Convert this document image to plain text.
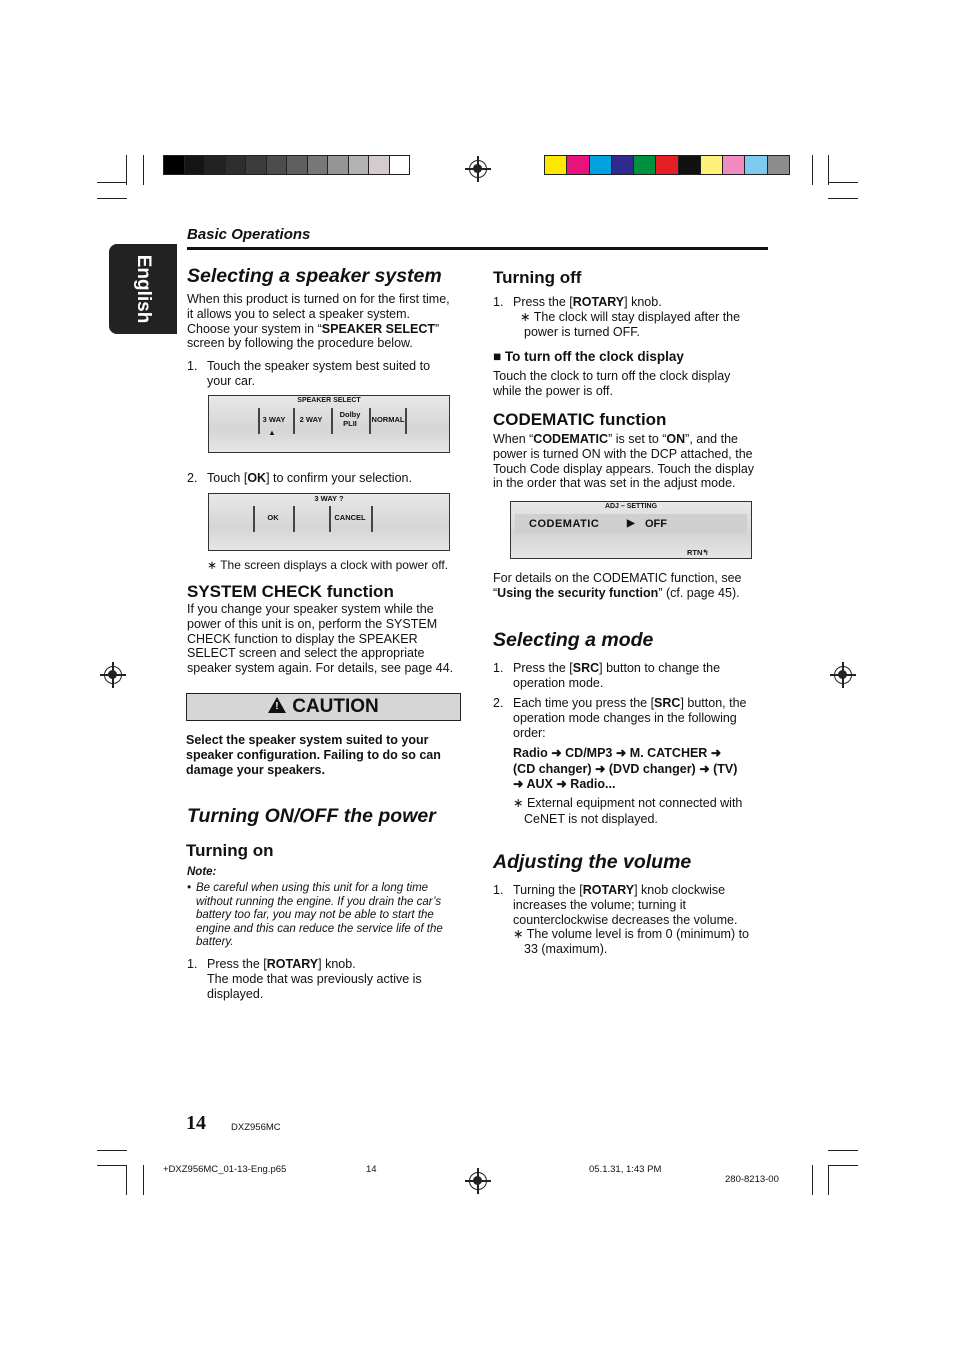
English
Basic Operations
Selecting a speaker system
When this product is turned on for the first time,
it allows you to select a speaker system.
Choose your system in “SPEAKER SELECT”
screen by following the procedure below.
1. Touch the speaker system best suited to
your car.
SPEAKER SELECT
3 WAY	2 WAY
Dolby
PLII	NORMAL
▲
2. Touch [OK] to confirm your selection.
3 WAY ?
OK	CANCEL
∗ The screen displays a clock with power off.
SYSTEM CHECK function
If you change your speaker system while the
power of this unit is on, perform the SYSTEM
CHECK function to display the SPEAKER
SELECT screen and select the appropriate
speaker system again. For details, see page 44.
! CAUTION
Select the speaker system suited to your
speaker configuration. Failing to do so can
damage your speakers.
Turning ON/OFF the power
Turning on
Note:
• Be careful when using this unit for a long time
without running the engine. If you drain the car’s
battery too far, you may not be able to start the
engine and this can reduce the service life of the
battery.
1. Press the [ROTARY] knob.
The mode that was previously active is
displayed.
Turning off
1. Press the [ROTARY] knob.
∗ The clock will stay displayed after the
power is turned OFF.
■ To turn off the clock display
Touch the clock to turn off the clock display
while the power is off.
CODEMATIC function
When “CODEMATIC” is set to “ON”, and the
power is turned ON with the DCP attached, the
Touch Code display appears. Touch the display
in the order that was set in the adjust mode.
ADJ – SETTING
CODEMATIC	▶ OFF
RTN↰
For details on the CODEMATIC function, see
“Using the security function” (cf. page 45).
Selecting a mode
1. Press the [SRC] button to change the
operation mode.
2. Each time you press the [SRC] button, the
operation mode changes in the following
order:
Radio ➜ CD/MP3 ➜ M. CATCHER ➜
(CD changer) ➜ (DVD changer) ➜ (TV)
➜ AUX ➜ Radio...
∗ External equipment not connected with
CeNET is not displayed.
Adjusting the volume
1. Turning the [ROTARY] knob clockwise
increases the volume; turning it
counterclockwise decreases the volume.
∗ The volume level is from 0 (minimum) to
33 (maximum).
14	DXZ956MC
+DXZ956MC_01-13-Eng.p65	14	05.1.31, 1:43 PM
280-8213-00
